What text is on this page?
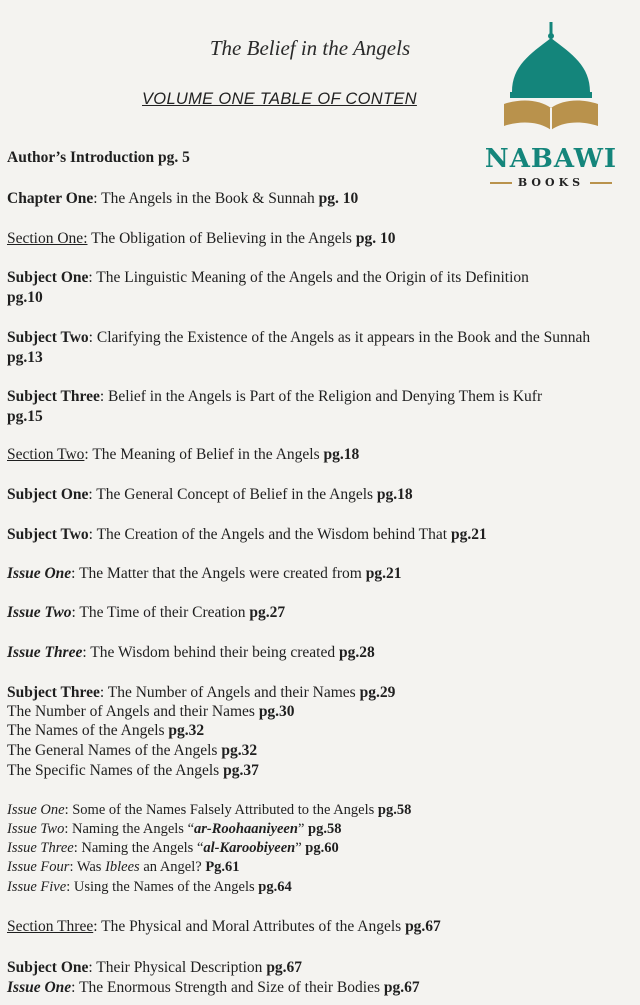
The Belief in the Angels
VOLUME ONE TABLE OF CONTEN
NABAWI
BOOKS
Author’s Introduction pg. 5
Chapter One: The Angels in the Book & Sunnah pg. 10
Section One: The Obligation of Believing in the Angels pg. 10
Subject One: The Linguistic Meaning of the Angels and the Origin of its Definition
pg.10
Subject Two: Clarifying the Existence of the Angels as it appears in the Book and the Sunnah pg.13
Subject Three: Belief in the Angels is Part of the Religion and Denying Them is Kufr
pg.15
Section Two: The Meaning of Belief in the Angels pg.18
Subject One: The General Concept of Belief in the Angels pg.18
Subject Two: The Creation of the Angels and the Wisdom behind That pg.21
Issue One: The Matter that the Angels were created from pg.21
Issue Two: The Time of their Creation pg.27
Issue Three: The Wisdom behind their being created pg.28
Subject Three: The Number of Angels and their Names pg.29
The Number of Angels and their Names pg.30
The Names of the Angels pg.32
The General Names of the Angels pg.32
The Specific Names of the Angels pg.37
Issue One: Some of the Names Falsely Attributed to the Angels pg.58
Issue Two: Naming the Angels “ar-Roohaaniyeen” pg.58
Issue Three: Naming the Angels “al-Karoobiyeen” pg.60
Issue Four: Was Iblees an Angel? Pg.61
Issue Five: Using the Names of the Angels pg.64
Section Three: The Physical and Moral Attributes of the Angels pg.67
Subject One: Their Physical Description pg.67
Issue One: The Enormous Strength and Size of their Bodies pg.67
